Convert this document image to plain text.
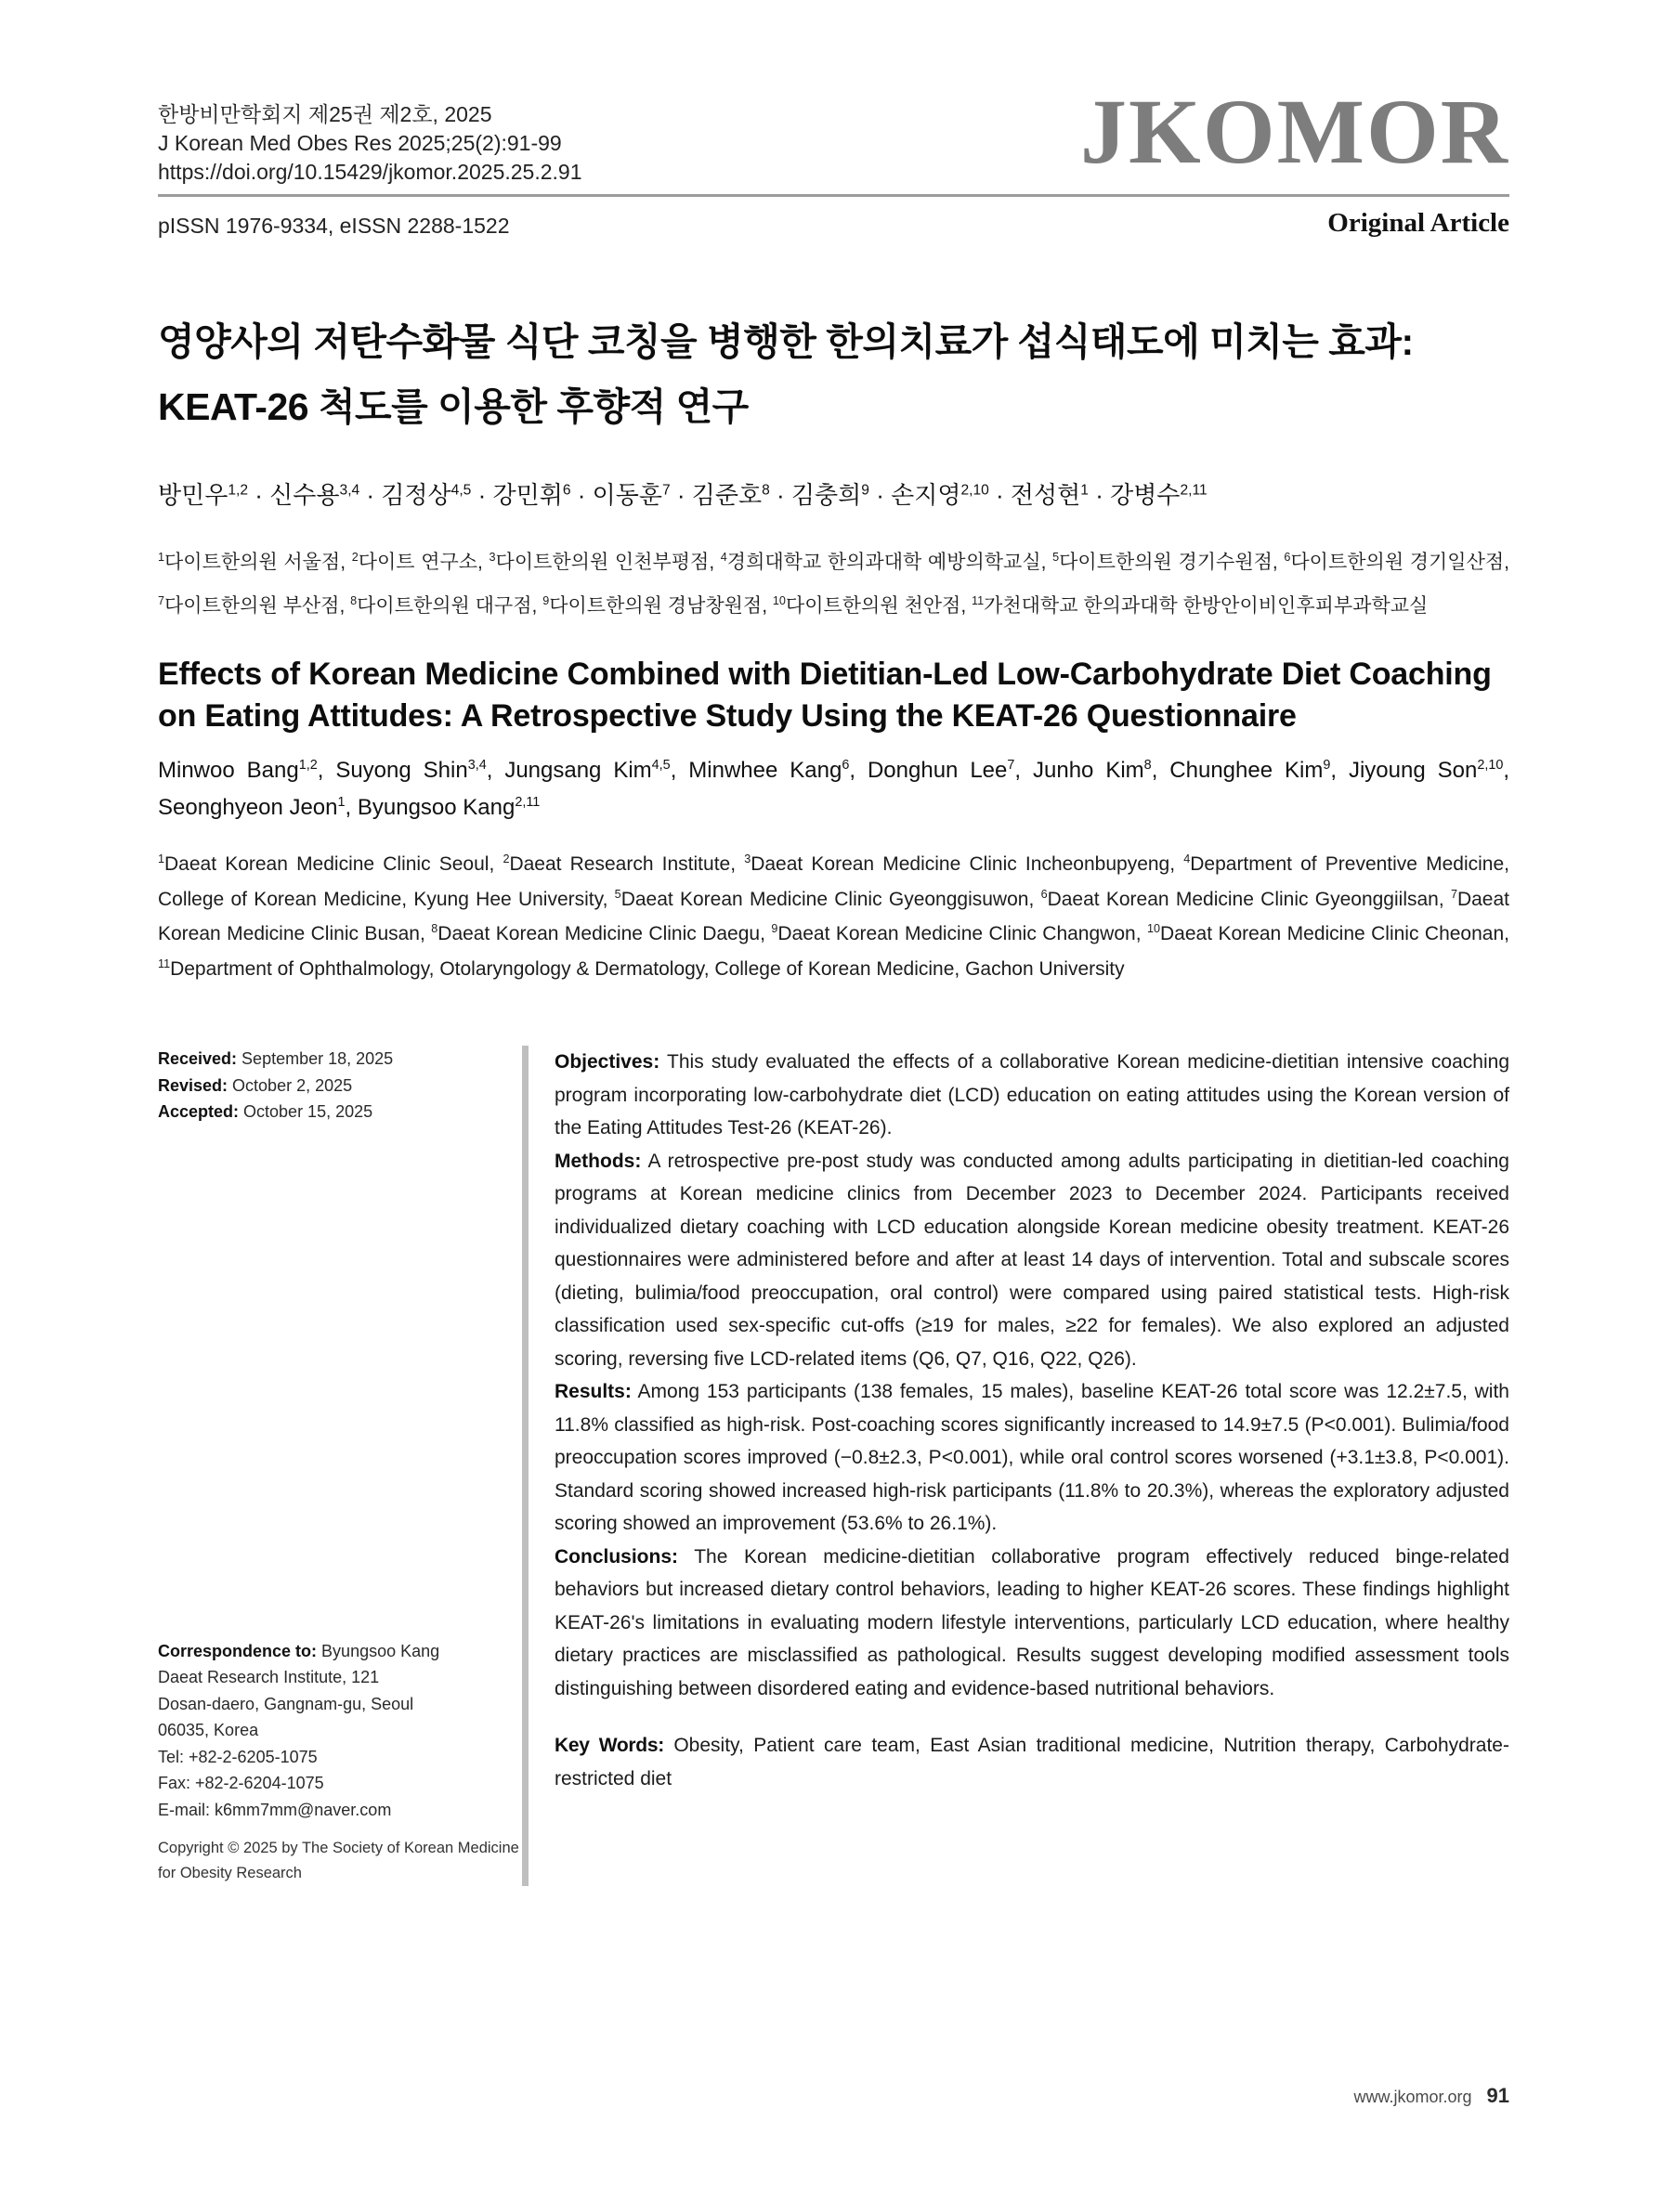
JKOMOR
한방비만학회지 제25권 제2호, 2025
J Korean Med Obes Res 2025;25(2):91-99
https://doi.org/10.15429/jkomor.2025.25.2.91
pISSN 1976-9334, eISSN 2288-1522	Original Article
영양사의 저탄수화물 식단 코칭을 병행한 한의치료가 섭식태도에 미치는 효과: KEAT-26 척도를 이용한 후향적 연구
방민우$^{1,2}$ · 신수용$^{3,4}$ · 김정상$^{4,5}$ · 강민휘$^6$ · 이동훈$^7$ · 김준호$^8$ · 김충희$^9$ · 손지영$^{2,10}$ · 전성현$^1$ · 강병수$^{2,11}$
$^1$다이트한의원 서울점, $^2$다이트 연구소, $^3$다이트한의원 인천부평점, $^4$경희대학교 한의과대학 예방의학교실, $^5$다이트한의원 경기수원점, $^6$다이트한의원 경기일산점, $^7$다이트한의원 부산점, $^8$다이트한의원 대구점, $^9$다이트한의원 경남창원점, $^{10}$다이트한의원 천안점, $^{11}$가천대학교 한의과대학 한방안이비인후피부과학교실
Effects of Korean Medicine Combined with Dietitian-Led Low-Carbohydrate Diet Coaching on Eating Attitudes: A Retrospective Study Using the KEAT-26 Questionnaire
Minwoo Bang$^{1,2}$, Suyong Shin$^{3,4}$, Jungsang Kim$^{4,5}$, Minwhee Kang$^6$, Donghun Lee$^7$, Junho Kim$^8$, Chunghee Kim$^9$, Jiyoung Son$^{2,10}$, Seonghyeon Jeon$^1$, Byungsoo Kang$^{2,11}$
$^1$Daeat Korean Medicine Clinic Seoul, $^2$Daeat Research Institute, $^3$Daeat Korean Medicine Clinic Incheonbupyeng, $^4$Department of Preventive Medicine, College of Korean Medicine, Kyung Hee University, $^5$Daeat Korean Medicine Clinic Gyeonggisuwon, $^6$Daeat Korean Medicine Clinic Gyeonggiilsan, $^7$Daeat Korean Medicine Clinic Busan, $^8$Daeat Korean Medicine Clinic Daegu, $^9$Daeat Korean Medicine Clinic Changwon, $^{10}$Daeat Korean Medicine Clinic Cheonan, $^{11}$Department of Ophthalmology, Otolaryngology & Dermatology, College of Korean Medicine, Gachon University
Received: September 18, 2025
Revised: October 2, 2025
Accepted: October 15, 2025
Correspondence to: Byungsoo Kang
Daeat Research Institute, 121
Dosan-daero, Gangnam-gu, Seoul
06035, Korea
Tel: +82-2-6205-1075
Fax: +82-2-6204-1075
E-mail: k6mm7mm@naver.com
Copyright © 2025 by The Society of Korean Medicine for Obesity Research

Objectives: This study evaluated the effects of a collaborative Korean medicine-dietitian intensive coaching program incorporating low-carbohydrate diet (LCD) education on eating attitudes using the Korean version of the Eating Attitudes Test-26 (KEAT-26).

Methods: A retrospective pre-post study was conducted among adults participating in dietitian-led coaching programs at Korean medicine clinics from December 2023 to December 2024. Participants received individualized dietary coaching with LCD education alongside Korean medicine obesity treatment. KEAT-26 questionnaires were administered before and after at least 14 days of intervention. Total and subscale scores (dieting, bulimia/food preoccupation, oral control) were compared using paired statistical tests. High-risk classification used sex-specific cut-offs (≥19 for males, ≥22 for females). We also explored an adjusted scoring, reversing five LCD-related items (Q6, Q7, Q16, Q22, Q26).

Results: Among 153 participants (138 females, 15 males), baseline KEAT-26 total score was 12.2±7.5, with 11.8% classified as high-risk. Post-coaching scores significantly increased to 14.9±7.5 (P<0.001). Bulimia/food preoccupation scores improved (−0.8±2.3, P<0.001), while oral control scores worsened (+3.1±3.8, P<0.001). Standard scoring showed increased high-risk participants (11.8% to 20.3%), whereas the exploratory adjusted scoring showed an improvement (53.6% to 26.1%).

Conclusions: The Korean medicine-dietitian collaborative program effectively reduced binge-related behaviors but increased dietary control behaviors, leading to higher KEAT-26 scores. These findings highlight KEAT-26's limitations in evaluating modern lifestyle interventions, particularly LCD education, where healthy dietary practices are misclassified as pathological. Results suggest developing modified assessment tools distinguishing between disordered eating and evidence-based nutritional behaviors.

Key Words: Obesity, Patient care team, East Asian traditional medicine, Nutrition therapy, Carbohydrate-restricted diet
www.jkomor.org 91
